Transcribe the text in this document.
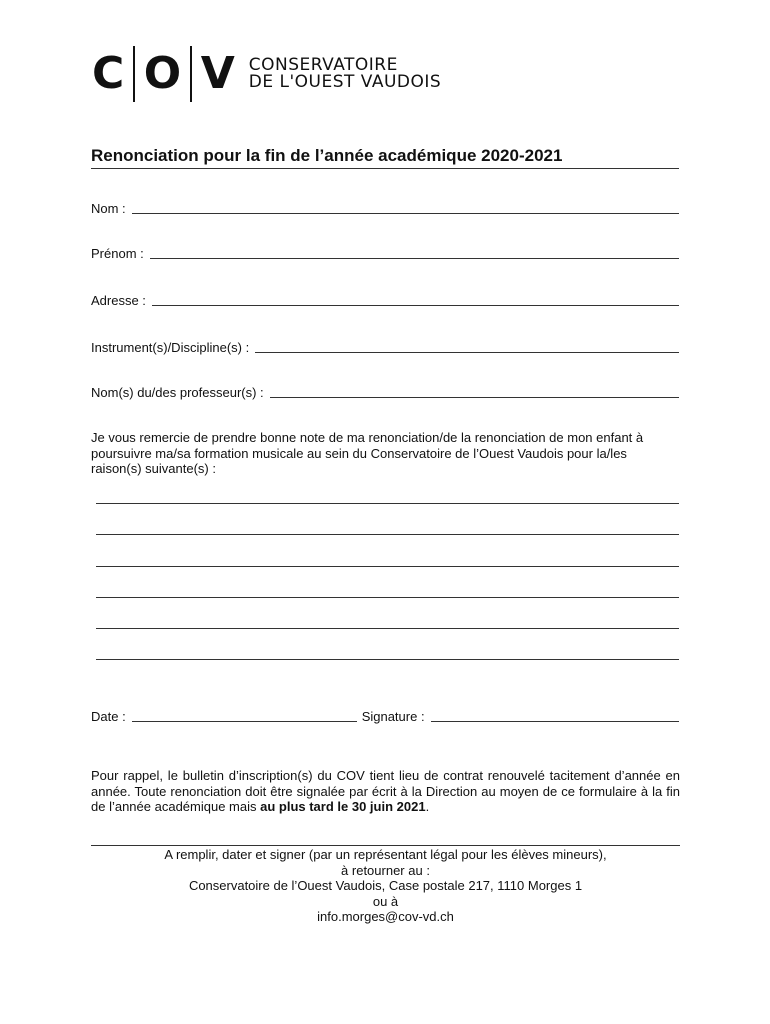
C O V CONSERVATOIRE
DE L'OUEST VAUDOIS
Renonciation pour la fin de l’année académique 2020-2021
Nom :
Prénom :
Adresse :
Instrument(s)/Discipline(s) :
Nom(s) du/des professeur(s) :
Je vous remercie de prendre bonne note de ma renonciation/de la renonciation de mon enfant à poursuivre ma/sa formation musicale au sein du Conservatoire de l’Ouest Vaudois pour la/les raison(s) suivante(s) :
Date :	Signature :
Pour rappel, le bulletin d’inscription(s) du COV tient lieu de contrat renouvelé tacitement d’année en année. Toute renonciation doit être signalée par écrit à la Direction au moyen de ce formulaire à la fin de l’année académique mais au plus tard le 30 juin 2021.
A remplir, dater et signer (par un représentant légal pour les élèves mineurs),
à retourner au :
Conservatoire de l’Ouest Vaudois, Case postale 217, 1110 Morges 1
ou à
info.morges@cov-vd.ch
